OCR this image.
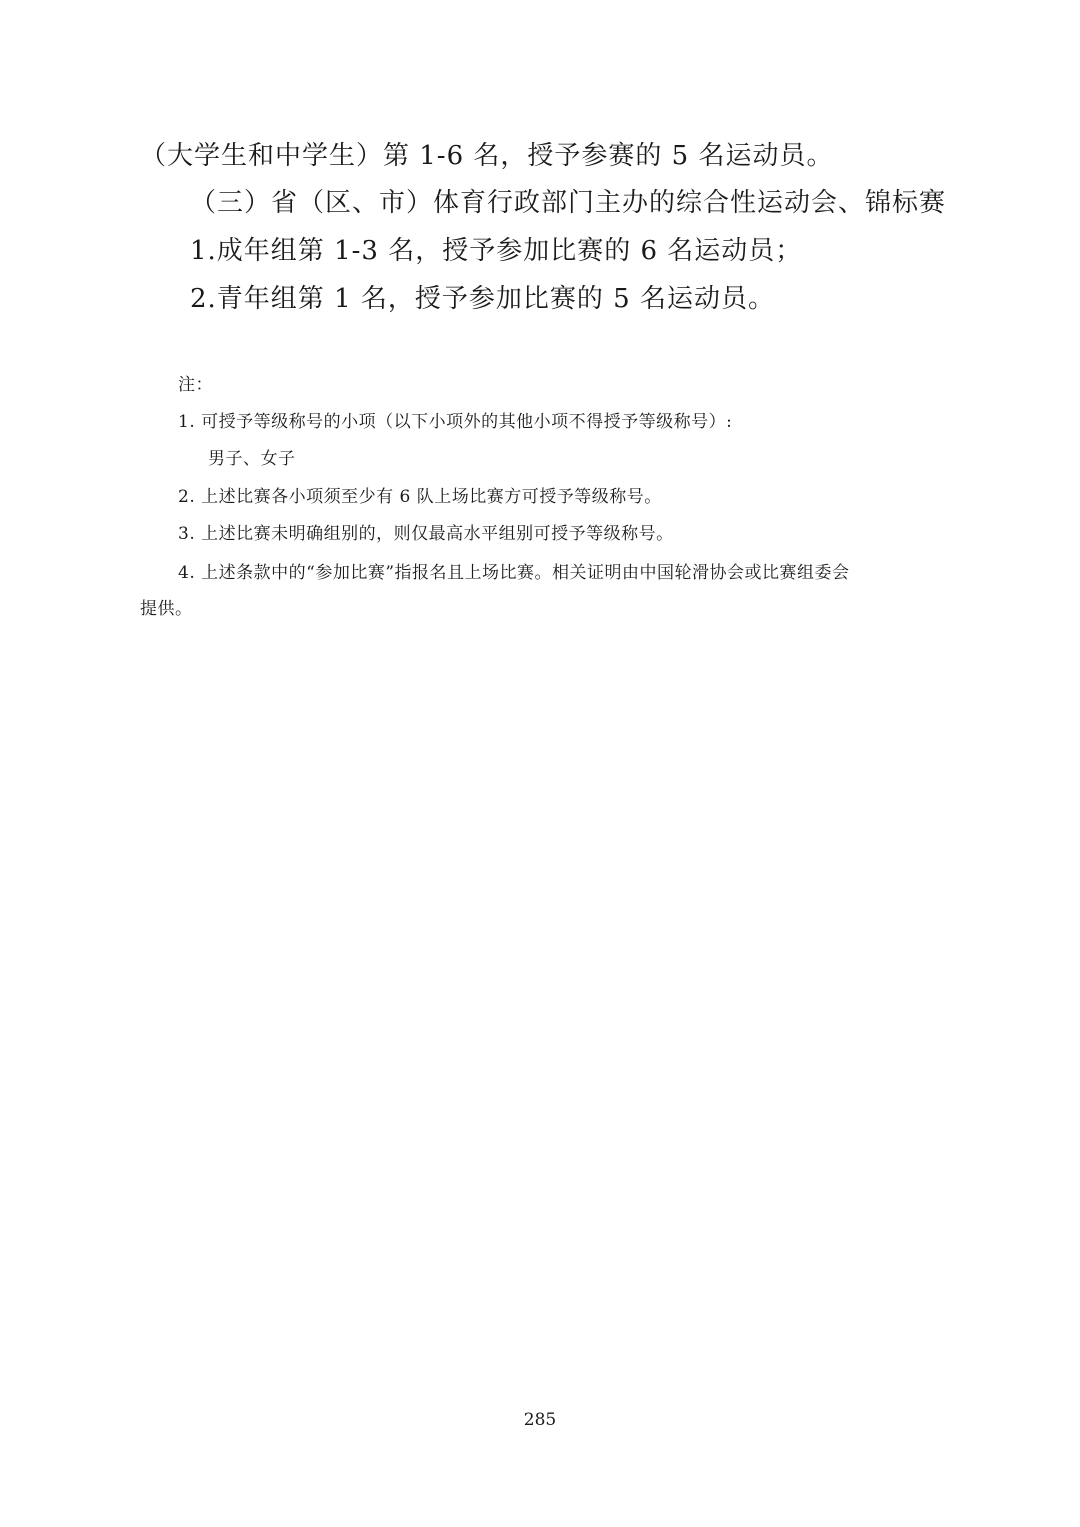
（大学生和中学生）第 1-6 名，授予参赛的 5 名运动员。
（三）省（区、市）体育行政部门主办的综合性运动会、锦标赛
1.成年组第 1-3 名，授予参加比赛的 6 名运动员；
2.青年组第 1 名，授予参加比赛的 5 名运动员。
注：
1. 可授予等级称号的小项（以下小项外的其他小项不得授予等级称号）:
男子、女子
2. 上述比赛各小项须至少有 6 队上场比赛方可授予等级称号。
3. 上述比赛未明确组别的，则仅最高水平组别可授予等级称号。
4. 上述条款中的“参加比赛”指报名且上场比赛。相关证明由中国轮滑协会或比赛组委会
提供。
285
